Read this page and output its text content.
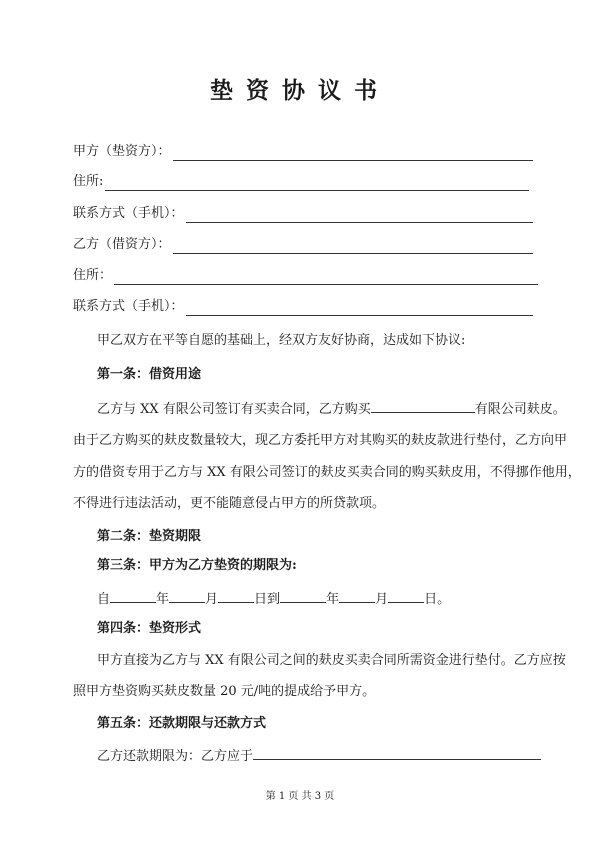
垫资协议书
甲方（垫资方）：
住所:
联系方式（手机）：
乙方（借资方）：
住所：
联系方式（手机）：
甲乙双方在平等自愿的基础上，经双方友好协商，达成如下协议:
第一条：借资用途
乙方与 XX 有限公司签订有买卖合同，乙方购买	有限公司麸皮。
由于乙方购买的麸皮数量较大，现乙方委托甲方对其购买的麸皮款进行垫付，乙方向甲
方的借资专用于乙方与 XX 有限公司签订的麸皮买卖合同的购买麸皮用，不得挪作他用，
不得进行违法活动，更不能随意侵占甲方的所贷款项。
第二条：垫资期限
第三条：甲方为乙方垫资的期限为:
自	年	月	日到	年	月	日。
第四条：垫资形式
甲方直接为乙方与 XX 有限公司之间的麸皮买卖合同所需资金进行垫付。乙方应按
照甲方垫资购买麸皮数量 20 元/吨的提成给予甲方。
第五条：还款期限与还款方式
乙方还款期限为：乙方应于
第 1 页 共 3 页
